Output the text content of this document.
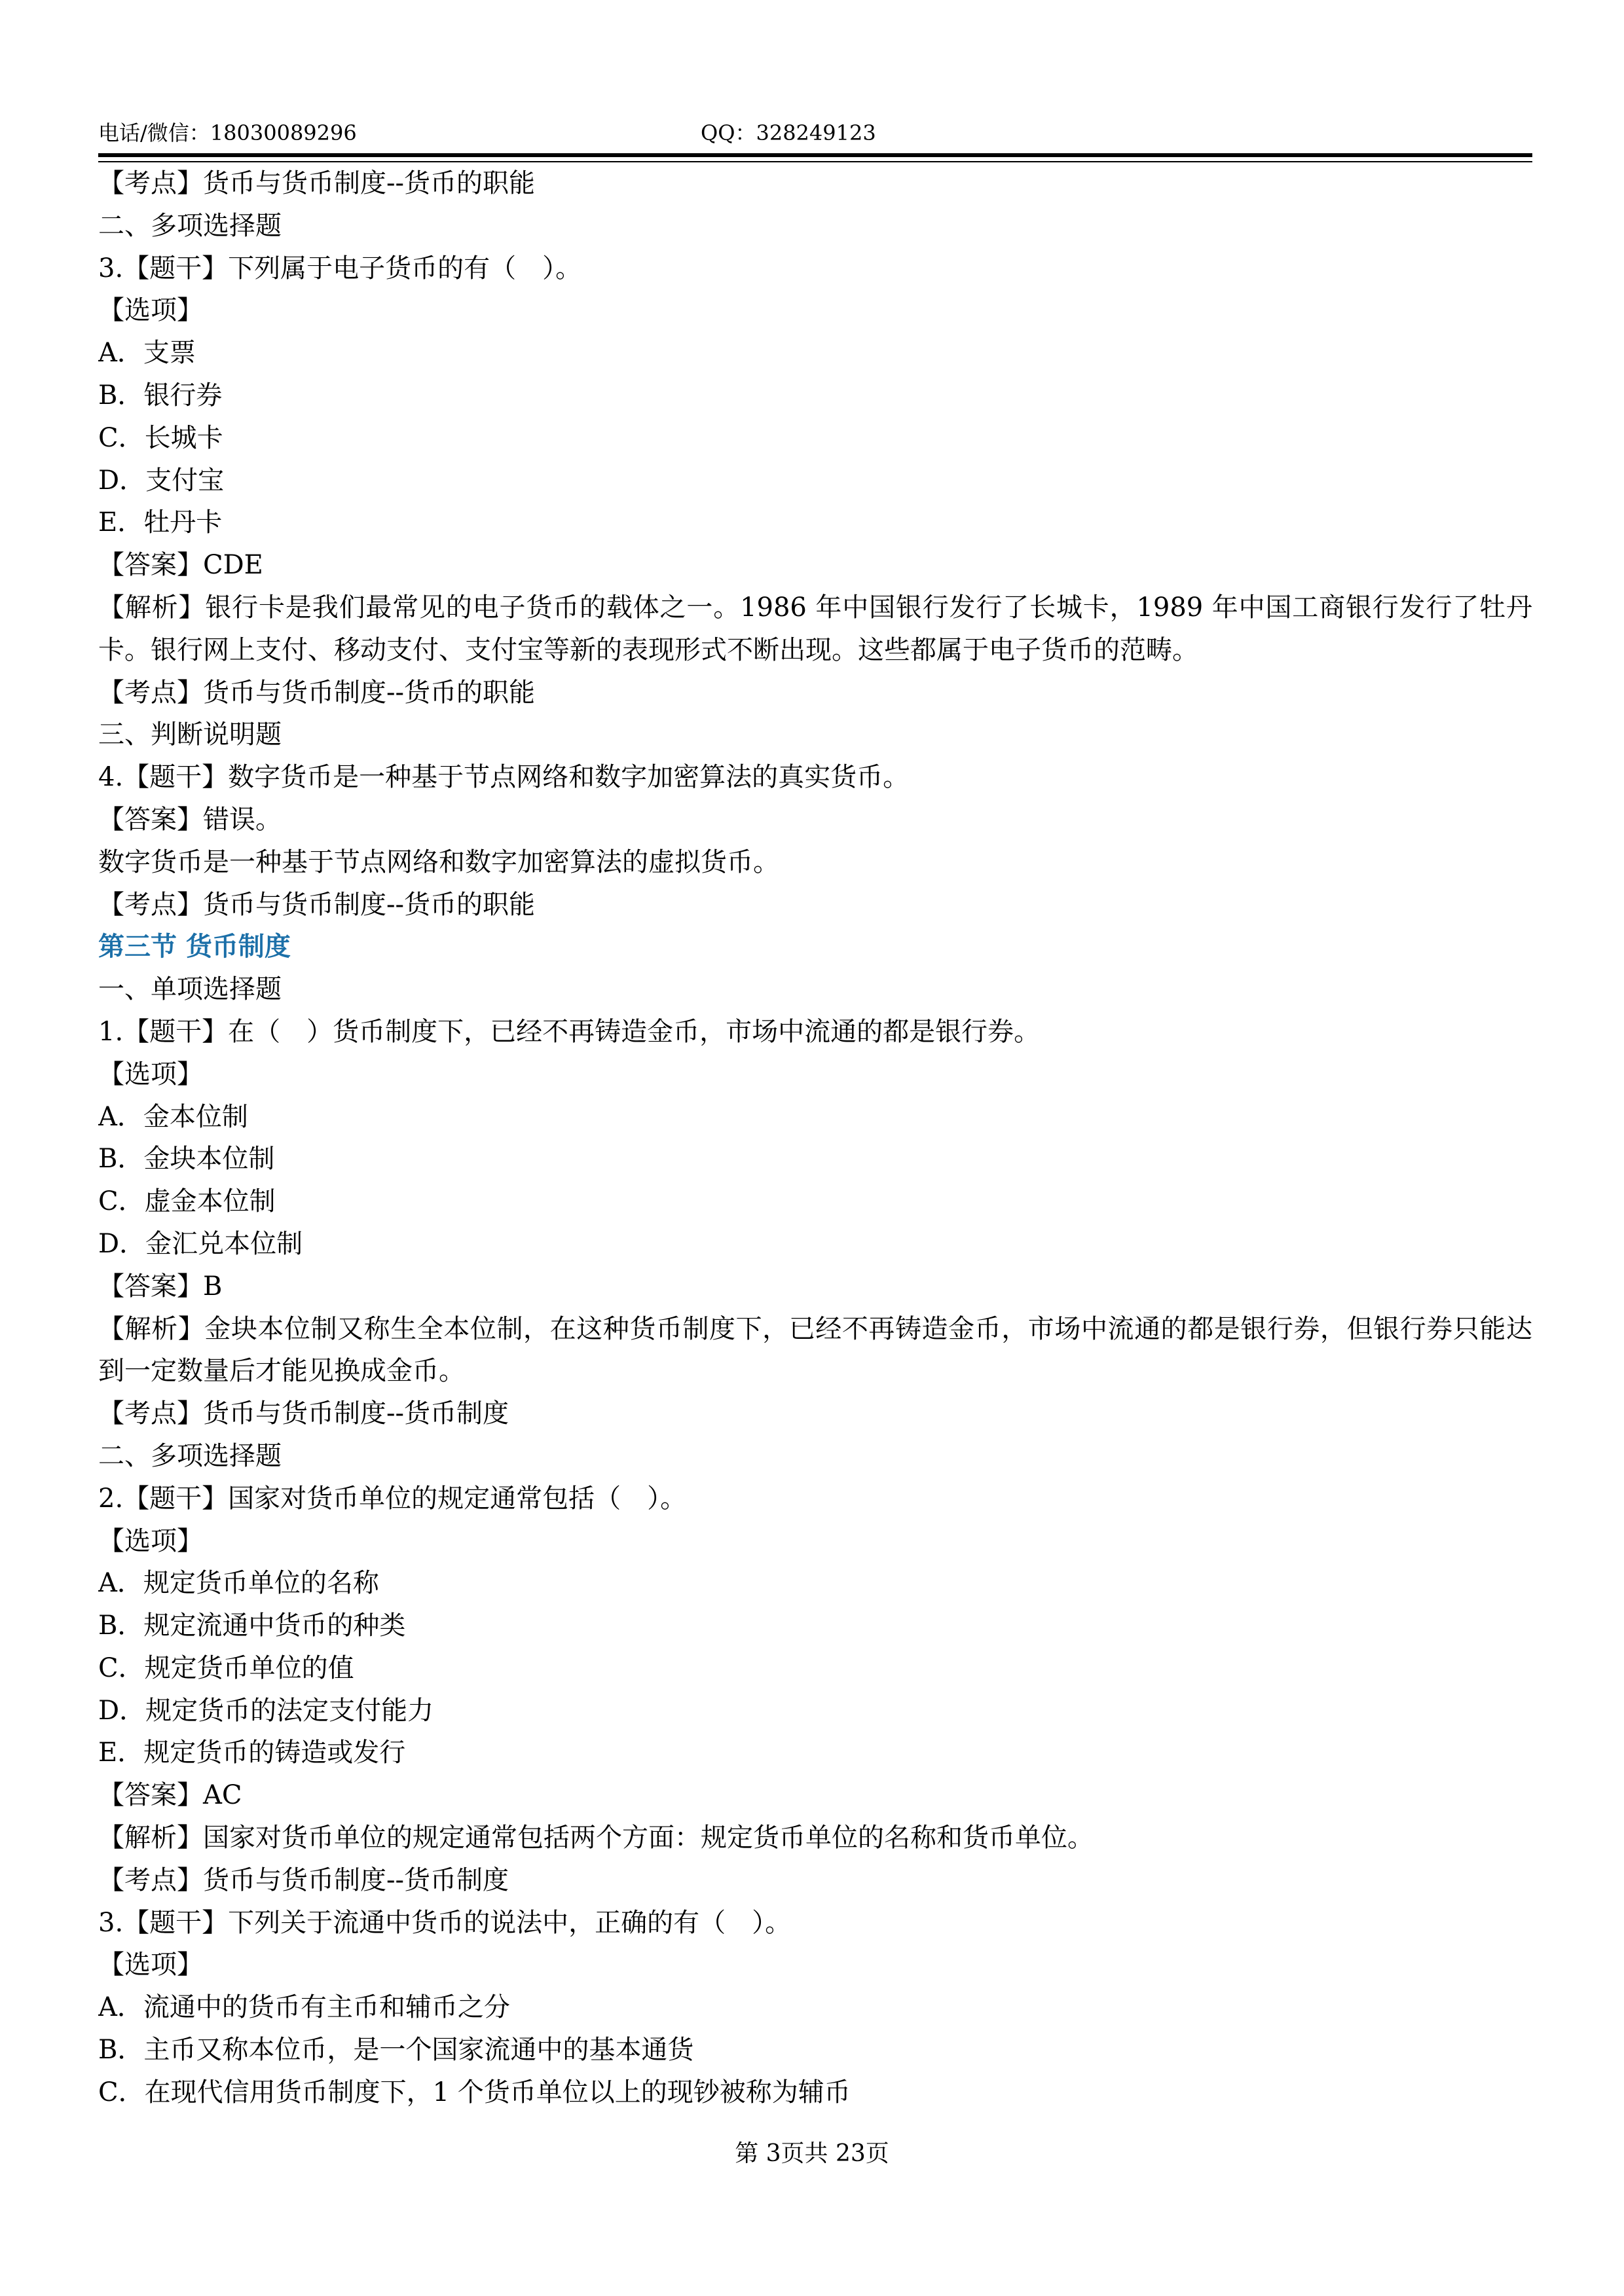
电话/微信：18030089296	QQ：328249123
【考点】货币与货币制度--货币的职能
二、多项选择题
3.【题干】下列属于电子货币的有（　）。
【选项】
A．支票
B．银行券
C．长城卡
D．支付宝
E．牡丹卡
【答案】CDE
【解析】银行卡是我们最常见的电子货币的载体之一。1986 年中国银行发行了长城卡，1989 年中国工商银行发行了牡丹卡。银行网上支付、移动支付、支付宝等新的表现形式不断出现。这些都属于电子货币的范畴。
【考点】货币与货币制度--货币的职能
三、判断说明题
4.【题干】数字货币是一种基于节点网络和数字加密算法的真实货币。
【答案】错误。
数字货币是一种基于节点网络和数字加密算法的虚拟货币。
【考点】货币与货币制度--货币的职能
第三节 货币制度
一、单项选择题
1.【题干】在（　）货币制度下，已经不再铸造金币，市场中流通的都是银行券。
【选项】
A．金本位制
B．金块本位制
C．虚金本位制
D．金汇兑本位制
【答案】B
【解析】金块本位制又称生全本位制，在这种货币制度下，已经不再铸造金币，市场中流通的都是银行券，但银行券只能达到一定数量后才能见换成金币。
【考点】货币与货币制度--货币制度
二、多项选择题
2.【题干】国家对货币单位的规定通常包括（　）。
【选项】
A．规定货币单位的名称
B．规定流通中货币的种类
C．规定货币单位的值
D．规定货币的法定支付能力
E．规定货币的铸造或发行
【答案】AC
【解析】国家对货币单位的规定通常包括两个方面：规定货币单位的名称和货币单位。
【考点】货币与货币制度--货币制度
3.【题干】下列关于流通中货币的说法中，正确的有（　）。
【选项】
A．流通中的货币有主币和辅币之分
B．主币又称本位币，是一个国家流通中的基本通货
C．在现代信用货币制度下，1 个货币单位以上的现钞被称为辅币
第 3页共 23页
